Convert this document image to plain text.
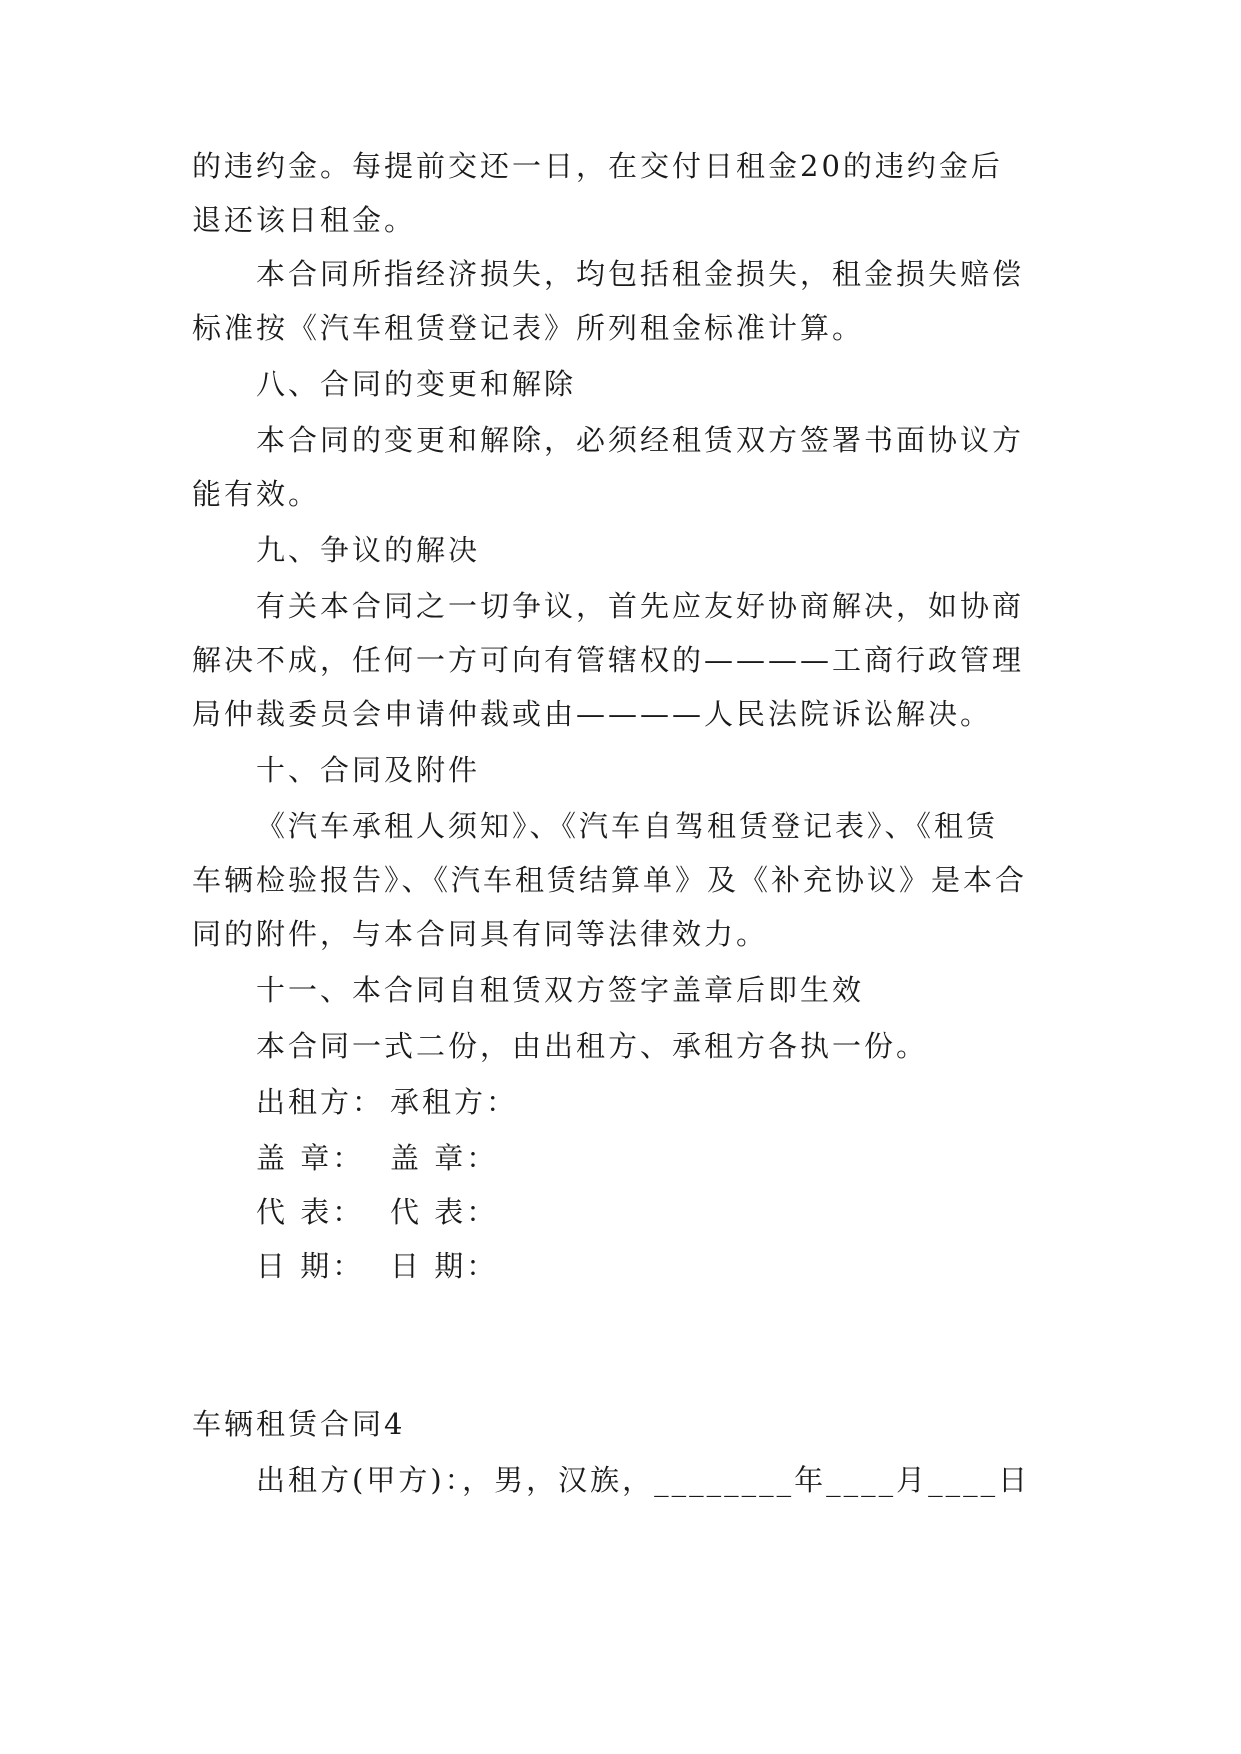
的违约金。每提前交还一日，在交付日租金20的违约金后
退还该日租金。
本合同所指经济损失，均包括租金损失，租金损失赔偿
标准按《汽车租赁登记表》所列租金标准计算。
八、合同的变更和解除
本合同的变更和解除，必须经租赁双方签署书面协议方
能有效。
九、争议的解决
有关本合同之一切争议，首先应友好协商解决，如协商
解决不成，任何一方可向有管辖权的————工商行政管理
局仲裁委员会申请仲裁或由————人民法院诉讼解决。
十、合同及附件
《汽车承租人须知》、《汽车自驾租赁登记表》、《租赁
车辆检验报告》、《汽车租赁结算单》及《补充协议》是本合
同的附件，与本合同具有同等法律效力。
十一、本合同自租赁双方签字盖章后即生效
本合同一式二份，由出租方、承租方各执一份。
出租方： 承租方：
盖 章： 盖 章：
代 表： 代 表：
日 期： 日 期：
车辆租赁合同4
出租方(甲方)：，男，汉族，________年____月____日
